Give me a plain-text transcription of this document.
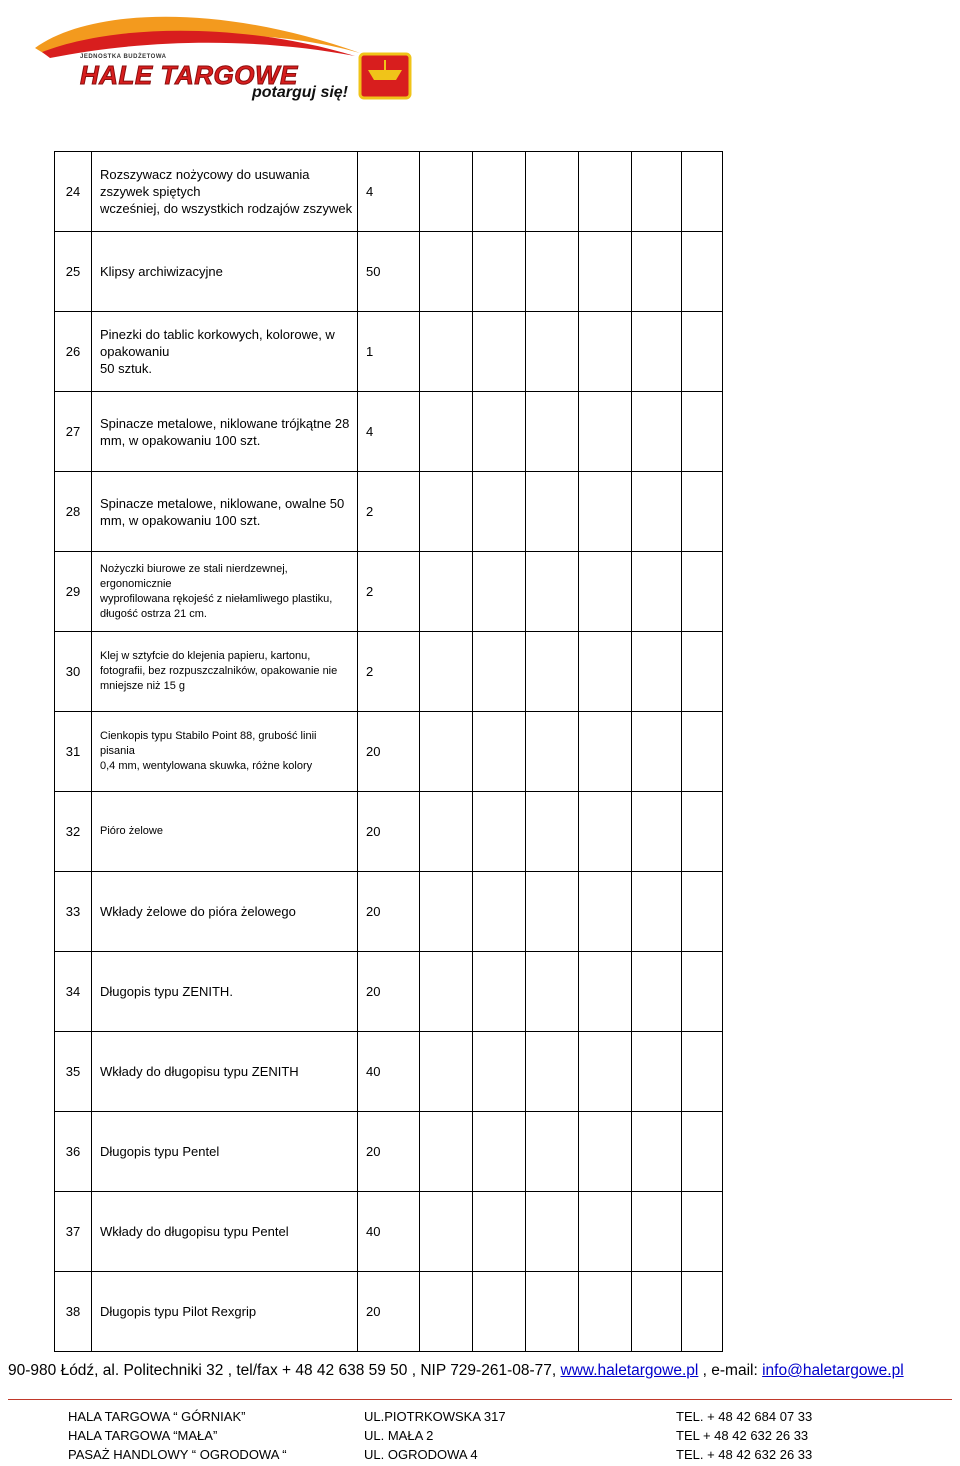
JEDNOSTKA BUDŻETOWA
HALE TARGOWE
potarguj się!
24	Rozszywacz nożycowy do usuwania
zszywek spiętych
wcześniej, do wszystkich rodzajów zszywek	4						
25	Klipsy archiwizacyjne	50						
26	Pinezki do tablic korkowych, kolorowe, w
opakowaniu
50 sztuk.	1						
27	Spinacze metalowe, niklowane trójkątne 28
mm, w opakowaniu 100 szt.	4						
28	Spinacze metalowe, niklowane, owalne 50
mm, w opakowaniu 100 szt.	2						
29	Nożyczki biurowe ze stali nierdzewnej,
ergonomicznie
wyprofilowana rękojeść z niełamliwego plastiku,
długość ostrza 21 cm.	2						
30	Klej w sztyfcie do klejenia papieru, kartonu,
fotografii, bez rozpuszczalników, opakowanie nie
mniejsze niż 15 g	2						
31	Cienkopis typu Stabilo Point 88, grubość linii
pisania
0,4 mm, wentylowana skuwka, różne kolory	20						
32	Pióro żelowe	20						
33	Wkłady żelowe do pióra żelowego	20						
34	Długopis typu ZENITH.	20						
35	Wkłady do długopisu typu ZENITH	40						
36	Długopis typu Pentel	20						
37	Wkłady do długopisu typu Pentel	40						
38	Długopis typu Pilot Rexgrip	20						
90-980 Łódź, al. Politechniki 32 , tel/fax + 48 42 638 59 50 , NIP 729-261-08-77, www.haletargowe.pl , e-mail: info@haletargowe.pl
HALA TARGOWA “ GÓRNIAK”	UL.PIOTRKOWSKA 317	TEL. + 48 42 684 07 33
HALA TARGOWA “MAŁA”	UL. MAŁA 2	TEL + 48 42 632 26 33
PASAŻ HANDLOWY “ OGRODOWA “	UL. OGRODOWA 4	TEL. + 48 42 632 26 33
